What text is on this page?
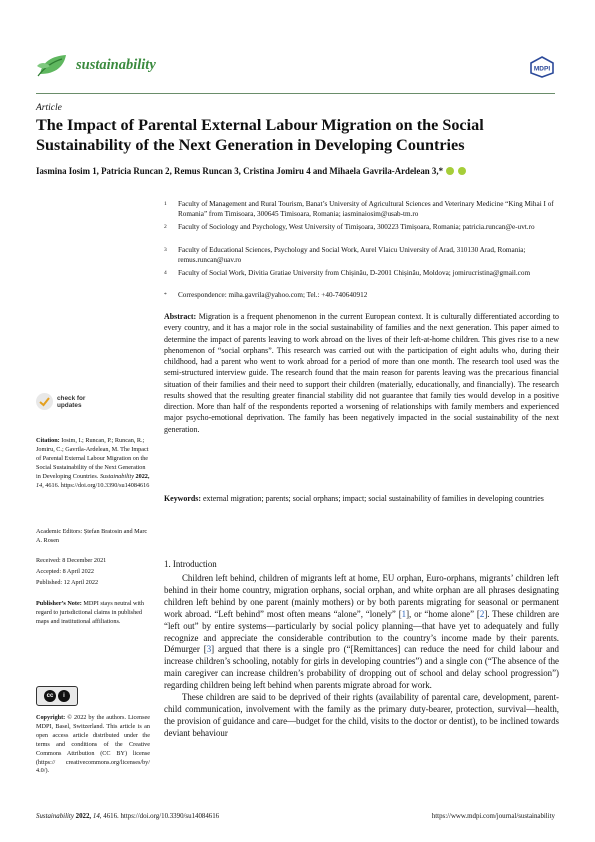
sustainability	MDPI
Article
The Impact of Parental External Labour Migration on the Social Sustainability of the Next Generation in Developing Countries
Iasmina Iosim 1, Patricia Runcan 2, Remus Runcan 3, Cristina Jomiru 4 and Mihaela Gavrila-Ardelean 3,*
1	Faculty of Management and Rural Tourism, Banat’s University of Agricultural Sciences and Veterinary Medicine “King Mihai I of Romania” from Timisoara, 300645 Timisoara, Romania; iasminaiosim@usab-tm.ro
2	Faculty of Sociology and Psychology, West University of Timișoara, 300223 Timișoara, Romania; patricia.runcan@e-uvt.ro
3	Faculty of Educational Sciences, Psychology and Social Work, Aurel Vlaicu University of Arad, 310130 Arad, Romania; remus.runcan@uav.ro
4	Faculty of Social Work, Divitia Gratiae University from Chișinău, D-2001 Chișinău, Moldova; jomirucristina@gmail.com
*	Correspondence: miha.gavrila@yahoo.com; Tel.: +40-740640912
Abstract: Migration is a frequent phenomenon in the current European context. It is culturally differentiated according to every country, and it has a major role in the social sustainability of families and the next generation. This paper aimed to determine the impact of parents leaving to work abroad on the lives of their left-at-home children. This gives rise to a new phenomenon of “social orphans”. This research was carried out with the participation of eight adults who, during their childhood, had a parent who went to work abroad for a period of more than one month. The research tool used was the semi-structured interview guide. The research found that the main reason for parents leaving was the precarious financial situation of their families and their need to support their children (materially, educationally, and financially). The research results showed that the resulting greater financial stability did not guarantee that family ties would develop in a positive direction. More than half of the respondents reported a worsening of relationships with family members and experienced major psycho-emotional deprivation. The family has been negatively impacted in the social sustainability of the next generation.
Keywords: external migration; parents; social orphans; impact; social sustainability of families in developing countries
check for
updates
Citation: Iosim, I.; Runcan, P.; Runcan, R.; Jomiru, C.; Gavrila-Ardelean, M. The Impact of Parental External Labour Migration on the Social Sustainability of the Next Generation in Developing Countries. Sustainability 2022, 14, 4616. https://doi.org/10.3390/su14084616
Academic Editors: Ștefan Bratosin and Marc A. Rosen
Received: 8 December 2021
Accepted: 8 April 2022
Published: 12 April 2022
Publisher’s Note: MDPI stays neutral with regard to jurisdictional claims in published maps and institutional affiliations.
cc	i
Copyright: © 2022 by the authors. Licensee MDPI, Basel, Switzerland. This article is an open access article distributed under the terms and conditions of the Creative Commons Attribution (CC BY) license (https:// creativecommons.org/licenses/by/ 4.0/).
1. Introduction

Children left behind, children of migrants left at home, EU orphan, Euro-orphans, migrants’ children left behind in their home country, migration orphans, social orphan, and white orphan are all phrases designating children left behind by one parent (mainly mothers) or by both parents migrating for seasonal or permanent work abroad. “Left behind” most often means “alone”, “lonely” [1], or “home alone” [2]. These children are “left out” by entire systems—particularly by social policy planning—that have yet to adequately and fully recognize and appreciate the considerable contribution to the country’s income made by their parents. Démurger [3] argued that there is a single pro (“[Remittances] can reduce the need for child labour and increase children’s schooling, notably for girls in developing countries”) and a single con (“The absence of the main caregiver can increase children’s probability of dropping out of school and delay school progression”) regarding children being left behind when parents migrate abroad for work.

These children are said to be deprived of their rights (availability of parental care, development, parent-child communication, involvement with the family as the primary duty-bearer, protection, survival—health, the provision of guidance and care—budget for the child, visits to the doctor or dentist), to be inclined towards deviant behaviour

Sustainability 2022, 14, 4616. https://doi.org/10.3390/su14084616	https://www.mdpi.com/journal/sustainability
